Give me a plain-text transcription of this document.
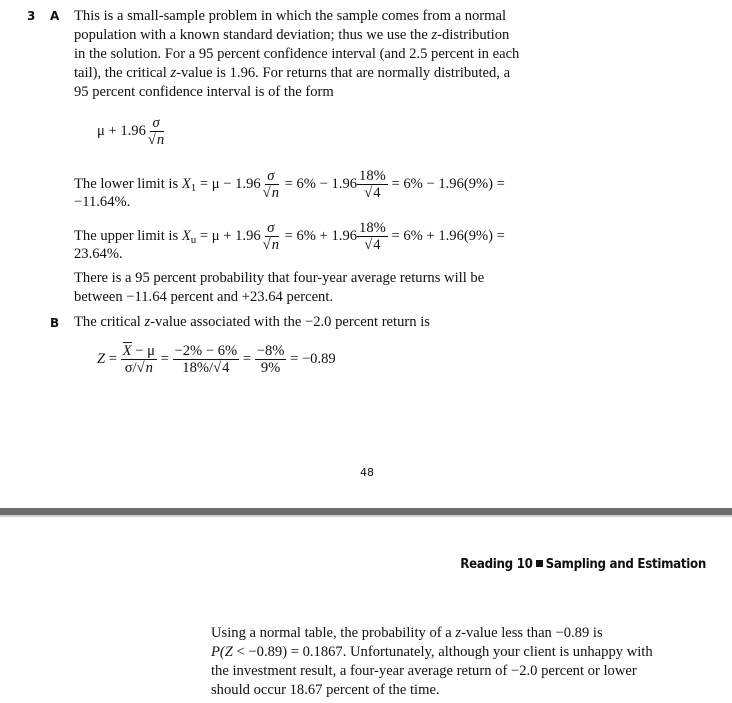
3 A This is a small-sample problem in which the sample comes from a normal
population with a known standard deviation; thus we use the z-distribution
in the solution. For a 95 percent confidence interval (and 2.5 percent in each
tail), the critical z-value is 1.96. For returns that are normally distributed, a
95 percent confidence interval is of the form
$\mu + 1.96 \frac{\sigma}{√n}$
The lower limit is $X_1 = \mu - 1.96 \frac{\sigma}{√n} = 6\% - 1.96 \frac{18\%}{√4} = 6\% - 1.96(9\%)$ =
−11.64%.
The upper limit is $X_u = \mu + 1.96 \frac{\sigma}{√n} = 6\% + 1.96 \frac{18\%}{√4} = 6\% + 1.96(9\%)$ =
23.64%.
There is a 95 percent probability that four-year average returns will be
between −11.64 percent and +23.64 percent.
B The critical z-value associated with the −2.0 percent return is
$Z = \frac{X - \mu}{\sigma/√n} = \frac{-2\% - 6\%}{18\%/√4} = \frac{-8\%}{9\%} = -0.89$
48
Reading 10 Sampling and Estimation
Using a normal table, the probability of a z-value less than −0.89 is
P(Z < −0.89) = 0.1867. Unfortunately, although your client is unhappy with
the investment result, a four-year average return of −2.0 percent or lower
should occur 18.67 percent of the time.
